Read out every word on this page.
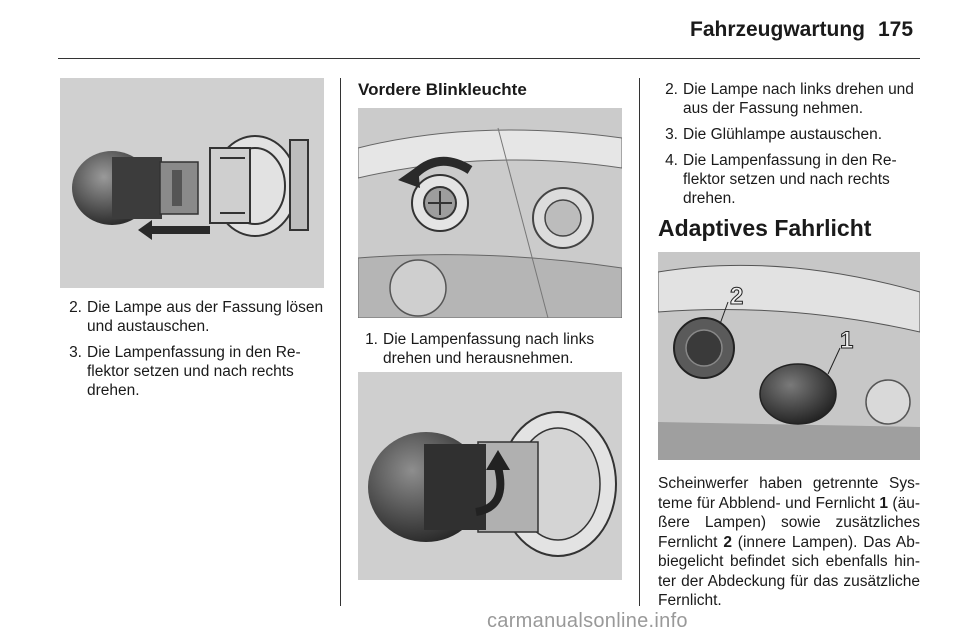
Fahrzeugwartung 175
2. Die Lampe aus der Fassung lösen und austauschen.
3. Die Lampenfassung in den Re-flektor setzen und nach rechts drehen.
Vordere Blinkleuchte
1. Die Lampenfassung nach links drehen und herausnehmen.
2. Die Lampe nach links drehen und aus der Fassung nehmen.
3. Die Glühlampe austauschen.
4. Die Lampenfassung in den Re-flektor setzen und nach rechts drehen.
Adaptives Fahrlicht
2
1
Scheinwerfer haben getrennte Sys-teme für Abblend- und Fernlicht 1 (äu-ßere Lampen) sowie zusätzliches Fernlicht 2 (innere Lampen). Das Ab-biegelicht befindet sich ebenfalls hin-ter der Abdeckung für das zusätzliche Fernlicht.
carmanualsonline.info
